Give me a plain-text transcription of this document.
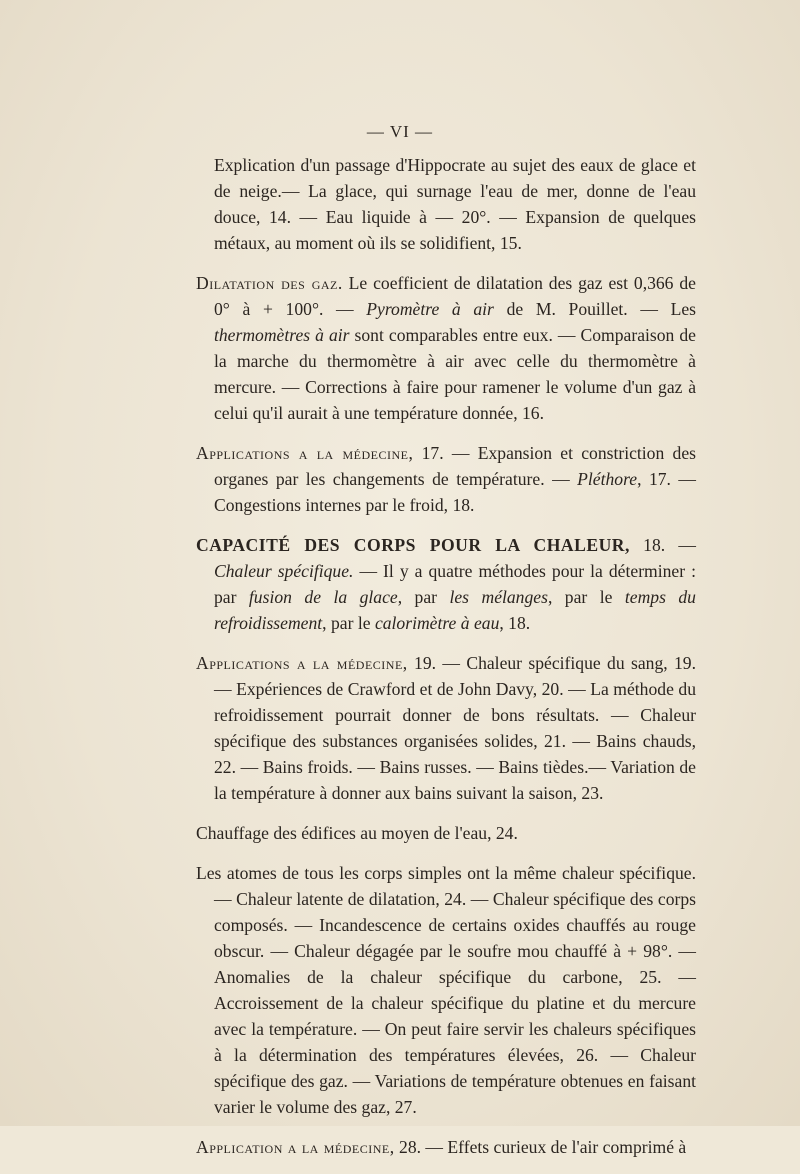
— VI —

Explication d'un passage d'Hippocrate au sujet des eaux de glace et de neige.— La glace, qui surnage l'eau de mer, donne de l'eau douce, 14. — Eau liquide à — 20°. — Expansion de quelques métaux, au moment où ils se solidifient, 15.

Dilatation des gaz. Le coefficient de dilatation des gaz est 0,366 de 0° à + 100°. — Pyromètre à air de M. Pouillet. — Les thermomètres à air sont comparables entre eux. — Comparaison de la marche du thermomètre à air avec celle du thermomètre à mercure. — Corrections à faire pour ramener le volume d'un gaz à celui qu'il aurait à une température donnée, 16.

Applications a la médecine, 17. — Expansion et constriction des organes par les changements de température. — Pléthore, 17. — Congestions internes par le froid, 18.

CAPACITÉ DES CORPS POUR LA CHALEUR, 18. — Chaleur spécifique. — Il y a quatre méthodes pour la déterminer : par fusion de la glace, par les mélanges, par le temps du refroidissement, par le calorimètre à eau, 18.

Applications a la médecine, 19. — Chaleur spécifique du sang, 19. — Expériences de Crawford et de John Davy, 20. — La méthode du refroidissement pourrait donner de bons résultats. — Chaleur spécifique des substances organisées solides, 21. — Bains chauds, 22. — Bains froids. — Bains russes. — Bains tièdes.— Variation de la température à donner aux bains suivant la saison, 23.

Chauffage des édifices au moyen de l'eau, 24.

Les atomes de tous les corps simples ont la même chaleur spécifique. — Chaleur latente de dilatation, 24. — Chaleur spécifique des corps composés. — Incandescence de certains oxides chauffés au rouge obscur. — Chaleur dégagée par le soufre mou chauffé à + 98°. — Anomalies de la chaleur spécifique du carbone, 25. — Accroissement de la chaleur spécifique du platine et du mercure avec la température. — On peut faire servir les chaleurs spécifiques à la détermination des températures élevées, 26. — Chaleur spécifique des gaz. — Variations de température obtenues en faisant varier le volume des gaz, 27.

Application a la médecine, 28. — Effets curieux de l'air comprimé à
